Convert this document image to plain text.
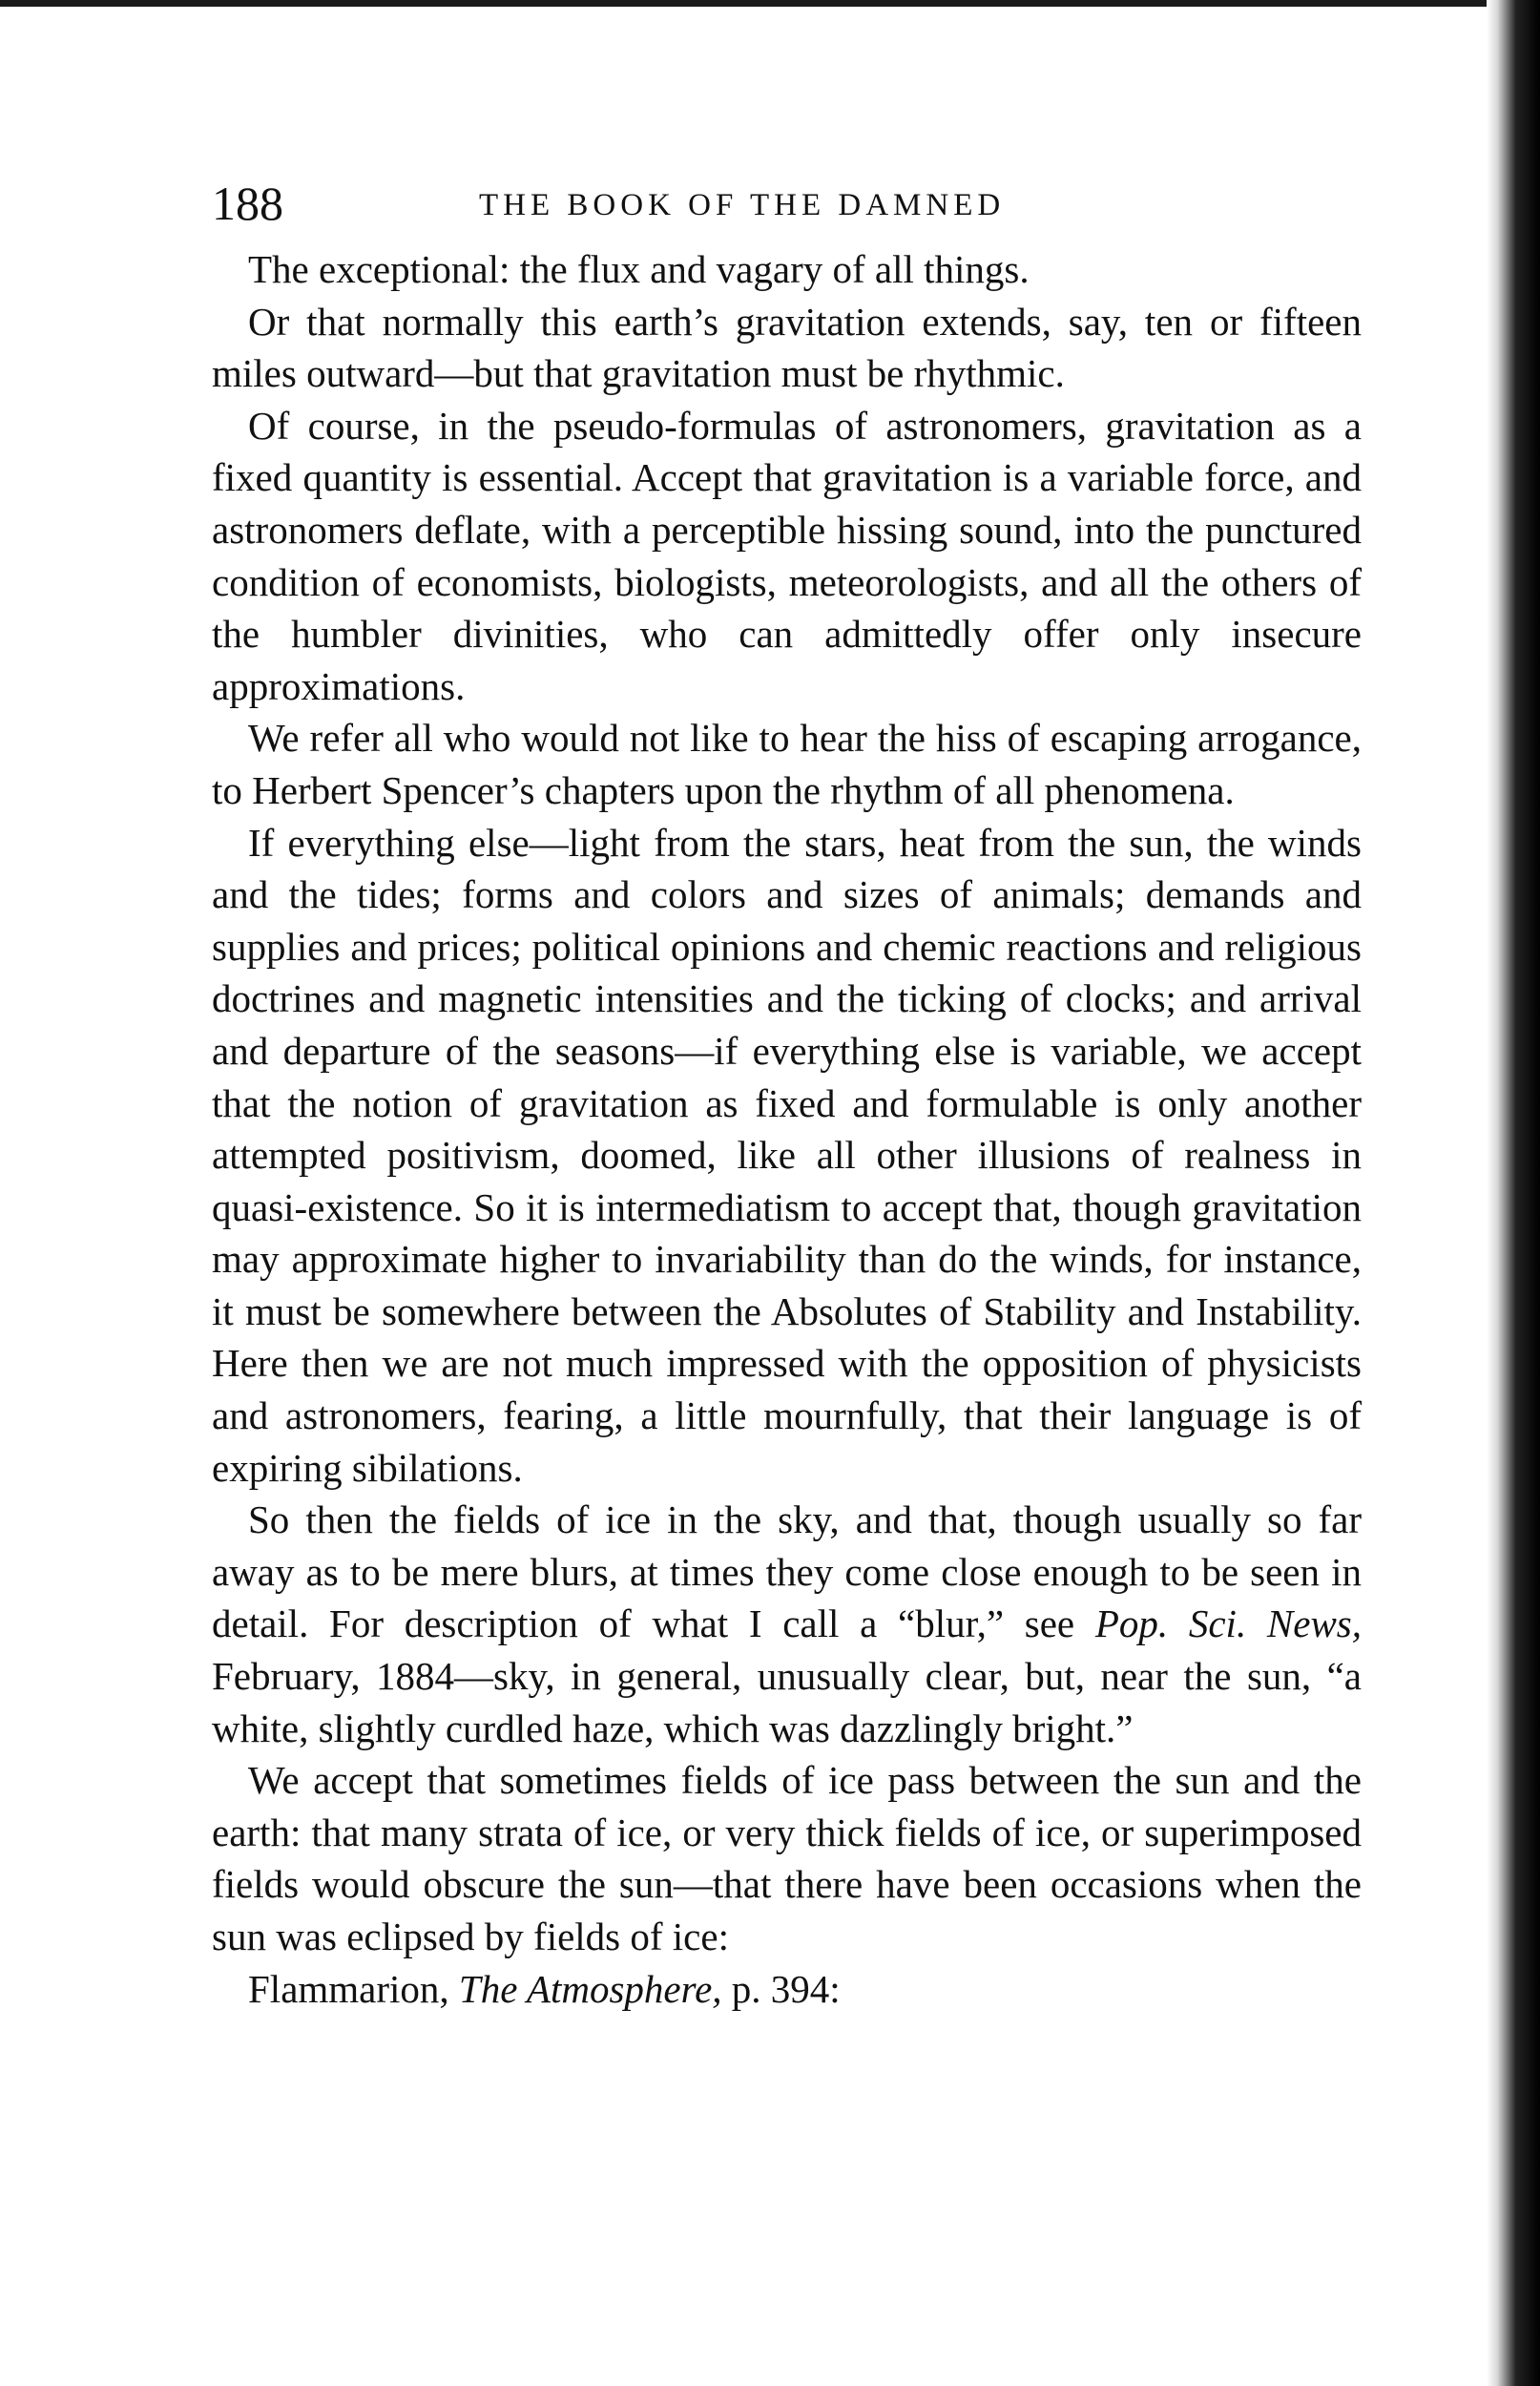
188	THE BOOK OF THE DAMNED

The exceptional: the flux and vagary of all things.

Or that normally this earth’s gravitation extends, say, ten or fifteen miles outward—but that gravitation must be rhythmic.

Of course, in the pseudo-formulas of astronomers, gravitation as a fixed quantity is essential. Accept that gravitation is a variable force, and astronomers deflate, with a perceptible hissing sound, into the punctured condition of economists, biologists, meteorologists, and all the others of the humbler divinities, who can admittedly offer only insecure approximations.

We refer all who would not like to hear the hiss of escaping arrogance, to Herbert Spencer’s chapters upon the rhythm of all phenomena.

If everything else—light from the stars, heat from the sun, the winds and the tides; forms and colors and sizes of animals; demands and supplies and prices; political opinions and chemic reactions and religious doctrines and magnetic intensities and the ticking of clocks; and arrival and departure of the seasons—if everything else is variable, we accept that the notion of gravitation as fixed and formulable is only another attempted positivism, doomed, like all other illusions of realness in quasi-existence. So it is intermediatism to accept that, though gravitation may approximate higher to invariability than do the winds, for instance, it must be somewhere between the Absolutes of Stability and Instability. Here then we are not much impressed with the opposition of physicists and astronomers, fearing, a little mournfully, that their language is of expiring sibilations.

So then the fields of ice in the sky, and that, though usually so far away as to be mere blurs, at times they come close enough to be seen in detail. For description of what I call a “blur,” see Pop. Sci. News, February, 1884—sky, in general, unusually clear, but, near the sun, “a white, slightly curdled haze, which was dazzlingly bright.”

We accept that sometimes fields of ice pass between the sun and the earth: that many strata of ice, or very thick fields of ice, or superimposed fields would obscure the sun—that there have been occasions when the sun was eclipsed by fields of ice:

Flammarion, The Atmosphere, p. 394:
